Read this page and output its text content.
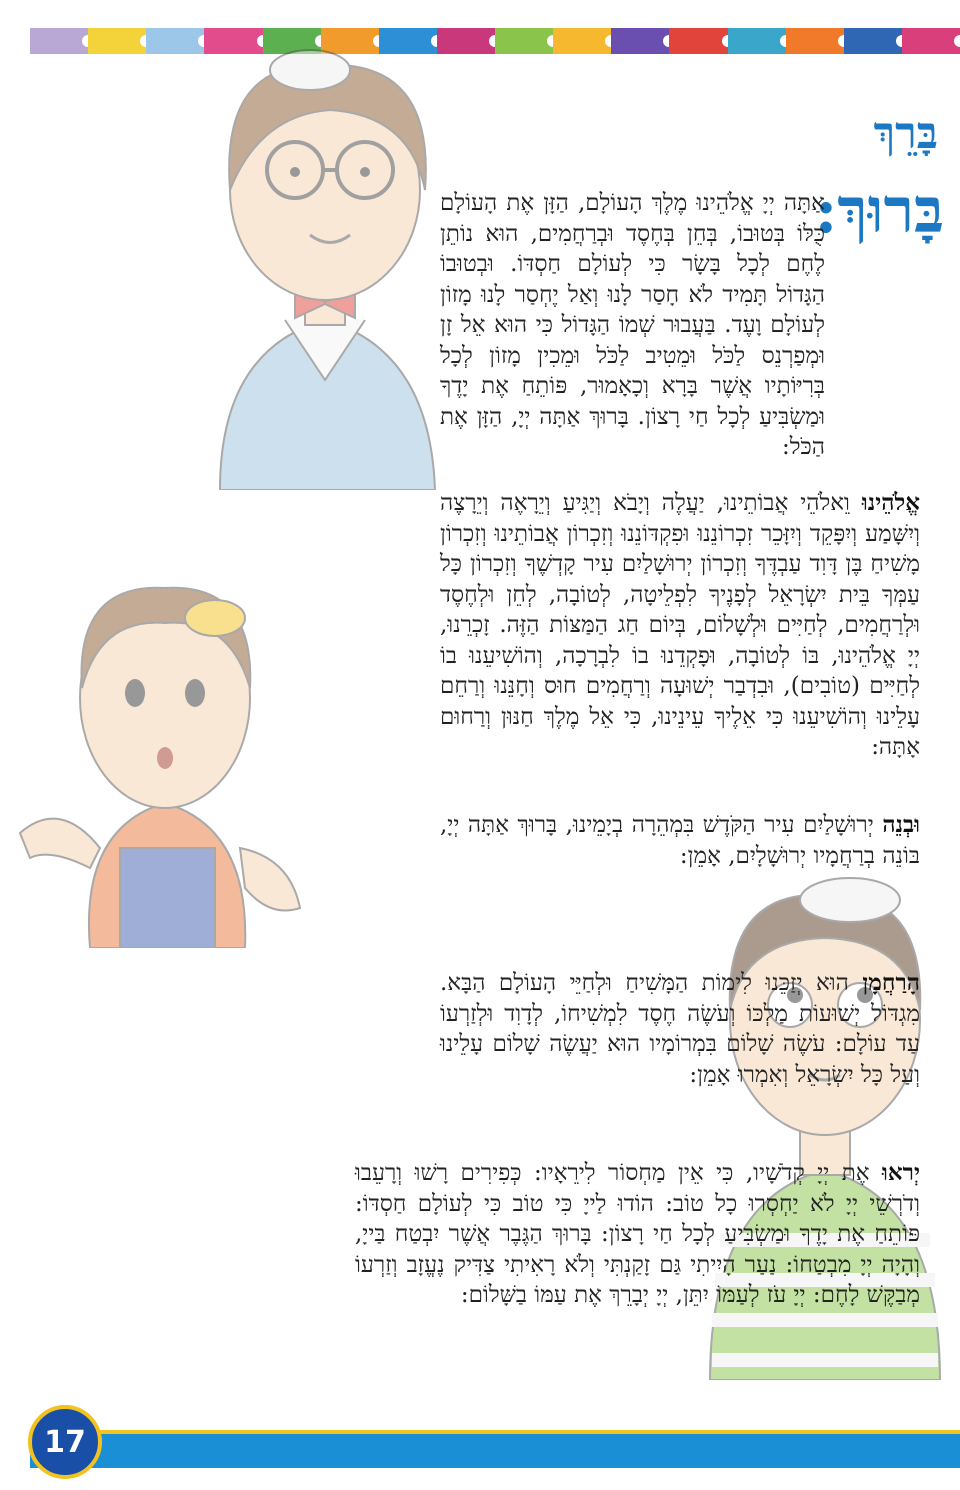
בָּרֵךְ
בָּרוּךְ:
אַתָּה יְיָ אֱלֹהֵינוּ מֶלֶךְ הָעוֹלָם, הַזָּן אֶת הָעוֹלָם כֻּלּוֹ בְּטוּבוֹ, בְּחֵן בְּחֶסֶד וּבְרַחֲמִים, הוּא נוֹתֵן לֶחֶם לְכָל בָּשָׂר כִּי לְעוֹלָם חַסְדּוֹ. וּבְטוּבוֹ הַגָּדוֹל תָּמִיד לֹא חָסַר לָנוּ וְאַל יֶחְסַר לָנוּ מָזוֹן לְעוֹלָם וָעֶד. בַּעֲבוּר שְׁמוֹ הַגָּדוֹל כִּי הוּא אֵל זָן וּמְפַרְנֵס לַכֹּל וּמֵטִיב לַכֹּל וּמֵכִין מָזוֹן לְכָל בְּרִיּוֹתָיו אֲשֶׁר בָּרָא וְכָאָמוּר, פּוֹתֵחַ אֶת יָדֶךָ וּמַשְׂבִּיעַ לְכָל חַי רָצוֹן. בָּרוּךְ אַתָּה יְיָ, הַזָּן אֶת הַכֹּל:
אֱלֹהֵינוּ וֵאלֹהֵי אֲבוֹתֵינוּ, יַעֲלֶה וְיָבֹא וְיַגִּיעַ וְיֵרָאֶה וְיֵרָצֶה וְיִשָּׁמַע וְיִפָּקֵד וְיִזָּכֵר זִכְרוֹנֵנוּ וּפִקְדּוֹנֵנוּ וְזִכְרוֹן אֲבוֹתֵינוּ וְזִכְרוֹן מָשִׁיחַ בֶּן דָּוִד עַבְדֶּךָ וְזִכְרוֹן יְרוּשָׁלַיִם עִיר קָדְשֶׁךָ וְזִכְרוֹן כָּל עַמְּךָ בֵּית יִשְׂרָאֵל לְפָנֶיךָ לִפְלֵיטָה, לְטוֹבָה, לְחֵן וּלְחֶסֶד וּלְרַחֲמִים, לְחַיִּים וּלְשָׁלוֹם, בְּיוֹם חַג הַמַּצּוֹת הַזֶּה. זָכְרֵנוּ, יְיָ אֱלֹהֵינוּ, בּוֹ לְטוֹבָה, וּפָקְדֵנוּ בוֹ לִבְרָכָה, וְהוֹשִׁיעֵנוּ בוֹ לְחַיִּים (טוֹבִים), וּבִדְבַר יְשׁוּעָה וְרַחֲמִים חוּס וְחָנֵּנוּ וְרַחֵם עָלֵינוּ וְהוֹשִׁיעֵנוּ כִּי אֵלֶיךָ עֵינֵינוּ, כִּי אֵל מֶלֶךְ חַנּוּן וְרַחוּם אָתָּה:
וּבְנֵה יְרוּשָׁלַיִם עִיר הַקֹּדֶשׁ בִּמְהֵרָה בְיָמֵינוּ, בָּרוּךְ אַתָּה יְיָ, בּוֹנֵה בְרַחֲמָיו יְרוּשָׁלָיִם, אָמֵן:
הָרַחֲמָן הוּא יְזַכֵּנוּ לִימוֹת הַמָּשִׁיחַ וּלְחַיֵּי הָעוֹלָם הַבָּא. מִגְדּוֹל יְשׁוּעוֹת מַלְכּוֹ וְעֹשֶׂה חֶסֶד לִמְשִׁיחוֹ, לְדָוִד וּלְזַרְעוֹ עַד עוֹלָם: עֹשֶׂה שָׁלוֹם בִּמְרוֹמָיו הוּא יַעֲשֶׂה שָׁלוֹם עָלֵינוּ וְעַל כָּל יִשְׂרָאֵל וְאִמְרוּ אָמֵן:
יְראוּ אֶת יְיָ קְדֹשָׁיו, כִּי אֵין מַחְסוֹר לִירֵאָיו: כְּפִירִים רָשׁוּ וְרָעֵבוּ וְדֹרְשֵׁי יְיָ לֹא יַחְסְרוּ כָל טוֹב: הוֹדוּ לַייָ כִּי טוֹב כִּי לְעוֹלָם חַסְדּוֹ: פּוֹתֵחַ אֶת יָדֶךָ וּמַשְׂבִּיעַ לְכָל חַי רָצוֹן: בָּרוּךְ הַגֶּבֶר אֲשֶׁר יִבְטַח בַּייָ, וְהָיָה יְיָ מִבְטַחוֹ: נַעַר הָיִיתִי גַּם זָקַנְתִּי וְלֹא רָאִיתִי צַדִּיק נֶעֱזָב וְזַרְעוֹ מְבַקֶּשׁ לָחֶם: יְיָ עֹז לְעַמּוֹ יִתֵּן, יְיָ יְבָרֵךְ אֶת עַמּוֹ בַשָּׁלוֹם:
17
